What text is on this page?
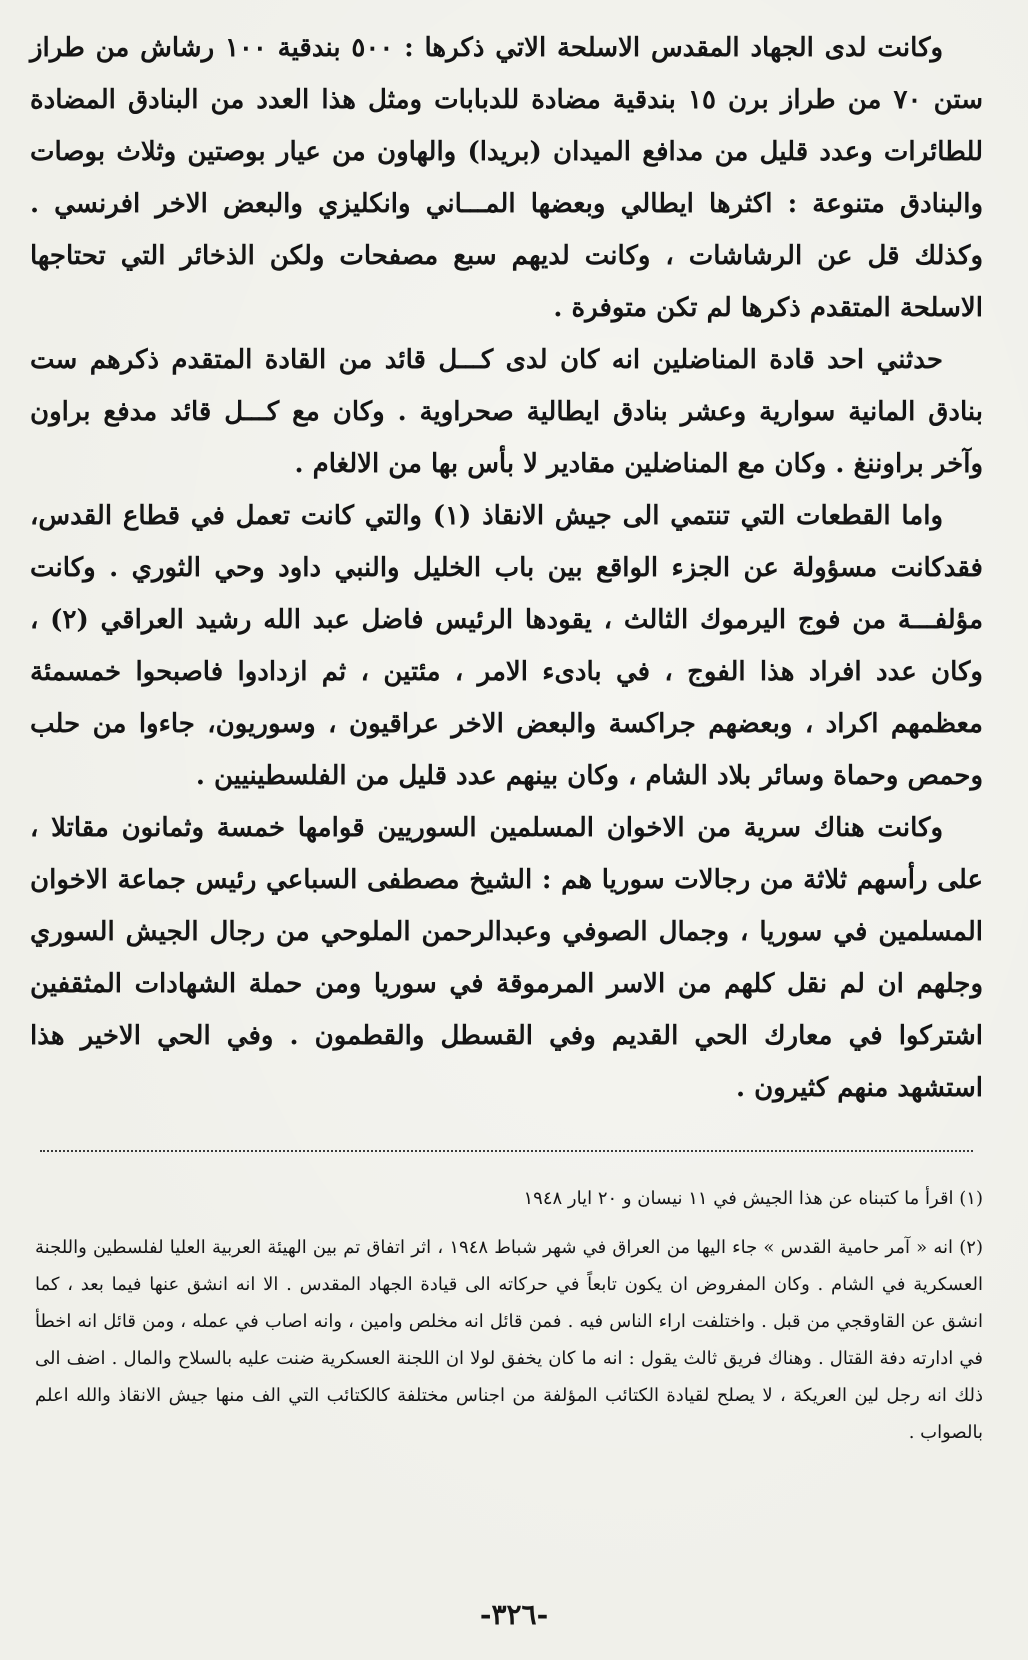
وكانت لدى الجهاد المقدس الاسلحة الاتي ذكرها : ٥٠٠ بندقية ١٠٠ رشاش من طراز ستن ٧٠ من طراز برن ١٥ بندقية مضادة للدبابات ومثل هذا العدد من البنادق المضادة للطائرات وعدد قليل من مدافع الميدان (بريدا) والهاون من عيار بوصتين وثلاث بوصات والبنادق متنوعة : اكثرها ايطالي وبعضها المـــاني وانكليزي والبعض الاخر افرنسي . وكذلك قل عن الرشاشات ، وكانت لديهم سبع مصفحات ولكن الذخائر التي تحتاجها الاسلحة المتقدم ذكرها لم تكن متوفرة .

حدثني احد قادة المناضلين انه كان لدى كـــل قائد من القادة المتقدم ذكرهم ست بنادق المانية سوارية وعشر بنادق ايطالية صحراوية . وكان مع كـــل قائد مدفع براون وآخر براوننغ . وكان مع المناضلين مقادير لا بأس بها من الالغام .

واما القطعات التي تنتمي الى جيش الانقاذ (١) والتي كانت تعمل في قطاع القدس، فقدكانت مسؤولة عن الجزء الواقع بين باب الخليل والنبي داود وحي الثوري . وكانت مؤلفـــة من فوج اليرموك الثالث ، يقودها الرئيس فاضل عبد الله رشيد العراقي (٢) ، وكان عدد افراد هذا الفوج ، في بادىء الامر ، مئتين ، ثم ازدادوا فاصبحوا خمسمئة معظمهم اكراد ، وبعضهم جراكسة والبعض الاخر عراقيون ، وسوريون، جاءوا من حلب وحمص وحماة وسائر بلاد الشام ، وكان بينهم عدد قليل من الفلسطينيين .

وكانت هناك سرية من الاخوان المسلمين السوريين قوامها خمسة وثمانون مقاتلا ، على رأسهم ثلاثة من رجالات سوريا هم : الشيخ مصطفى السباعي رئيس جماعة الاخوان المسلمين في سوريا ، وجمال الصوفي وعبدالرحمن الملوحي من رجال الجيش السوري وجلهم ان لم نقل كلهم من الاسر المرموقة في سوريا ومن حملة الشهادات المثقفين اشتركوا في معارك الحي القديم وفي القسطل والقطمون . وفي الحي الاخير هذا استشهد منهم كثيرون .

(١) اقرأ ما كتبناه عن هذا الجيش في ١١ نيسان و ٢٠ ايار ١٩٤٨

(٢) انه « آمر حامية القدس » جاء اليها من العراق في شهر شباط ١٩٤٨ ، اثر اتفاق تم بين الهيئة العربية العليا لفلسطين واللجنة العسكرية في الشام . وكان المفروض ان يكون تابعاً في حركاته الى قيادة الجهاد المقدس . الا انه انشق عنها فيما بعد ، كما انشق عن القاوقجي من قبل . واختلفت اراء الناس فيه . فمن قائل انه مخلص وامين ، وانه اصاب في عمله ، ومن قائل انه اخطأ في ادارته دفة القتال . وهناك فريق ثالث يقول : انه ما كان يخفق لولا ان اللجنة العسكرية ضنت عليه بالسلاح والمال . اضف الى ذلك انه رجل لين العريكة ، لا يصلح لقيادة الكتائب المؤلفة من اجناس مختلفة كالكتائب التي الف منها جيش الانقاذ والله اعلم بالصواب .

-٣٢٦-
